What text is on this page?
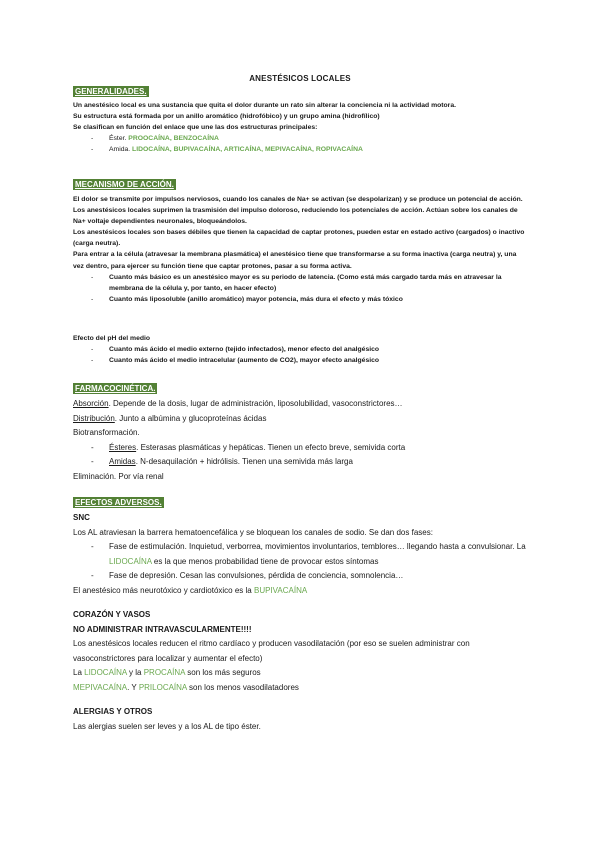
ANESTÉSICOS LOCALES
GENERALIDADES.

Un anestésico local es una sustancia que quita el dolor durante un rato sin alterar la conciencia ni la actividad motora.

Su estructura está formada por un anillo aromático (hidrofóbico) y un grupo amina (hidrofílico)

Se clasifican en función del enlace que une las dos estructuras principales:

- Éster. PROOCAÍNA, BENZOCAÍNA

- Amida. LIDOCAÍNA, BUPIVACAÍNA, ARTICAÍNA, MEPIVACAÍNA, ROPIVACAÍNA

MECANISMO DE ACCIÓN.

El dolor se transmite por impulsos nerviosos, cuando los canales de Na+ se activan (se despolarizan) y se produce un potencial de acción. Los anestésicos locales suprimen la trasmisión del impulso doloroso, reduciendo los potenciales de acción. Actúan sobre los canales de Na+ voltaje dependientes neuronales, bloqueándolos.

Los anestésicos locales son bases débiles que tienen la capacidad de captar protones, pueden estar en estado activo (cargados) o inactivo (carga neutra).

Para entrar a la célula (atravesar la membrana plasmática) el anestésico tiene que transformarse a su forma inactiva (carga neutra) y, una vez dentro, para ejercer su función tiene que captar protones, pasar a su forma activa.

- Cuanto más básico es un anestésico mayor es su periodo de latencia. (Como está más cargado tarda más en atravesar la membrana de la célula y, por tanto, en hacer efecto)

- Cuanto más liposoluble (anillo aromático) mayor potencia, más dura el efecto y más tóxico

Efecto del pH del medio

- Cuanto más ácido el medio externo (tejido infectados), menor efecto del analgésico

- Cuanto más ácido el medio intracelular (aumento de CO2), mayor efecto analgésico

FARMACOCINÉTICA.

Absorción. Depende de la dosis, lugar de administración, liposolubilidad, vasoconstrictores…

Distribución. Junto a albúmina y glucoproteínas ácidas

Biotransformación.

- Ésteres. Esterasas plasmáticas y hepáticas. Tienen un efecto breve, semivida corta

- Amidas. N-desaquilación + hidrólisis. Tienen una semivida más larga

Eliminación. Por vía renal

EFECTOS ADVERSOS.

SNC

Los AL atraviesan la barrera hematoencefálica y se bloquean los canales de sodio. Se dan dos fases:

- Fase de estimulación. Inquietud, verborrea, movimientos involuntarios, temblores… llegando hasta a convulsionar. La LIDOCAÍNA es la que menos probabilidad tiene de provocar estos síntomas

- Fase de depresión. Cesan las convulsiones, pérdida de conciencia, somnolencia…

El anestésico más neurotóxico y cardiotóxico es la BUPIVACAÍNA

CORAZÓN Y VASOS

NO ADMINISTRAR INTRAVASCULARMENTE!!!!

Los anestésicos locales reducen el ritmo cardíaco y producen vasodilatación (por eso se suelen administrar con vasoconstrictores para localizar y aumentar el efecto)

La LIDOCAÍNA y la PROCAÍNA son los más seguros

MEPIVACAÍNA. Y PRILOCAÍNA son los menos vasodilatadores

ALERGIAS Y OTROS

Las alergias suelen ser leves y a los AL de tipo éster.
